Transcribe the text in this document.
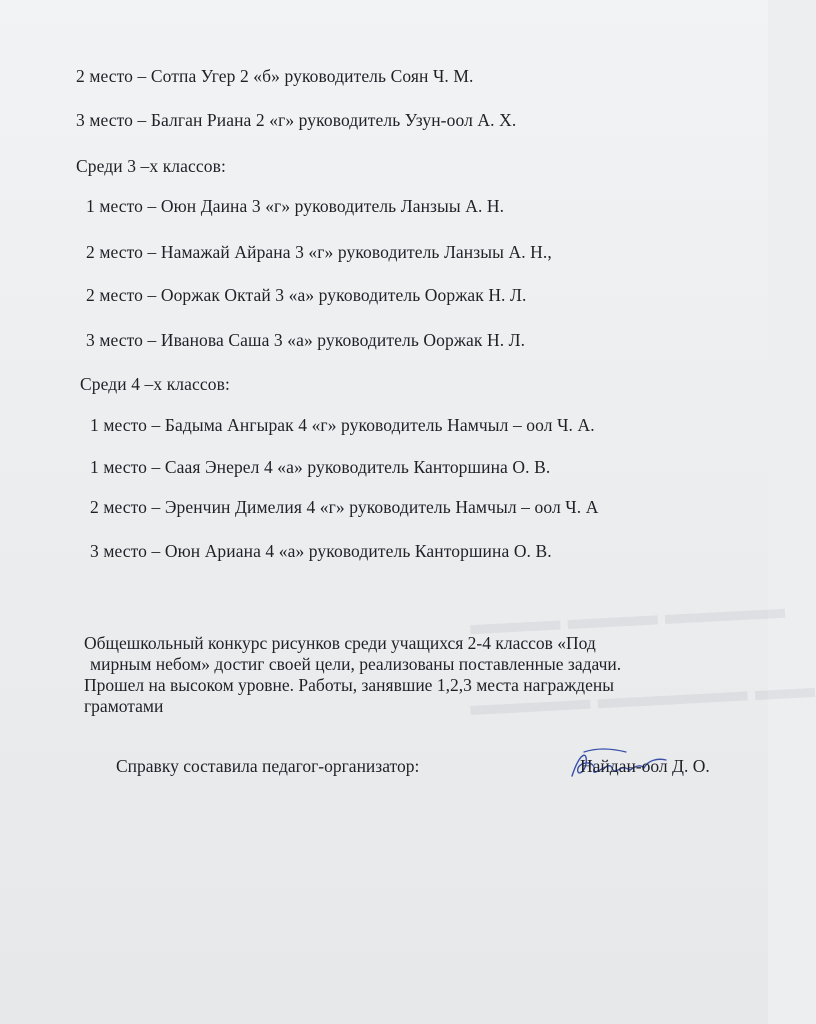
▬▬▬ ▬▬▬ ▬▬▬▬
▬▬▬▬ ▬▬▬▬▬ ▬▬
2 место – Сотпа Угер 2 «б» руководитель Соян Ч. М.
3 место – Балган Риана 2 «г» руководитель Узун-оол А. Х.
Среди 3 –х классов:
1 место – Оюн Даина 3 «г» руководитель Ланзыы А. Н.
2 место – Намажай Айрана 3 «г» руководитель Ланзыы А. Н.,
2 место – Ооржак Октай 3 «а» руководитель Ооржак Н. Л.
3 место – Иванова Саша 3 «а» руководитель Ооржак Н. Л.
Среди 4 –х классов:
1 место – Бадыма Ангырак 4 «г» руководитель Намчыл – оол Ч. А.
1 место – Саая Энерел 4 «а» руководитель Канторшина О. В.
2 место – Эренчин Димелия 4 «г» руководитель Намчыл – оол Ч. А
3 место – Оюн Ариана 4 «а» руководитель Канторшина О. В.
Общешкольный конкурс рисунков среди учащихся 2-4 классов «Под
мирным небом» достиг своей цели, реализованы поставленные задачи.
Прошел на высоком уровне. Работы, занявшие 1,2,3 места награждены
грамотами
Справку составила педагог-организатор:	Найдан-оол Д. О.
